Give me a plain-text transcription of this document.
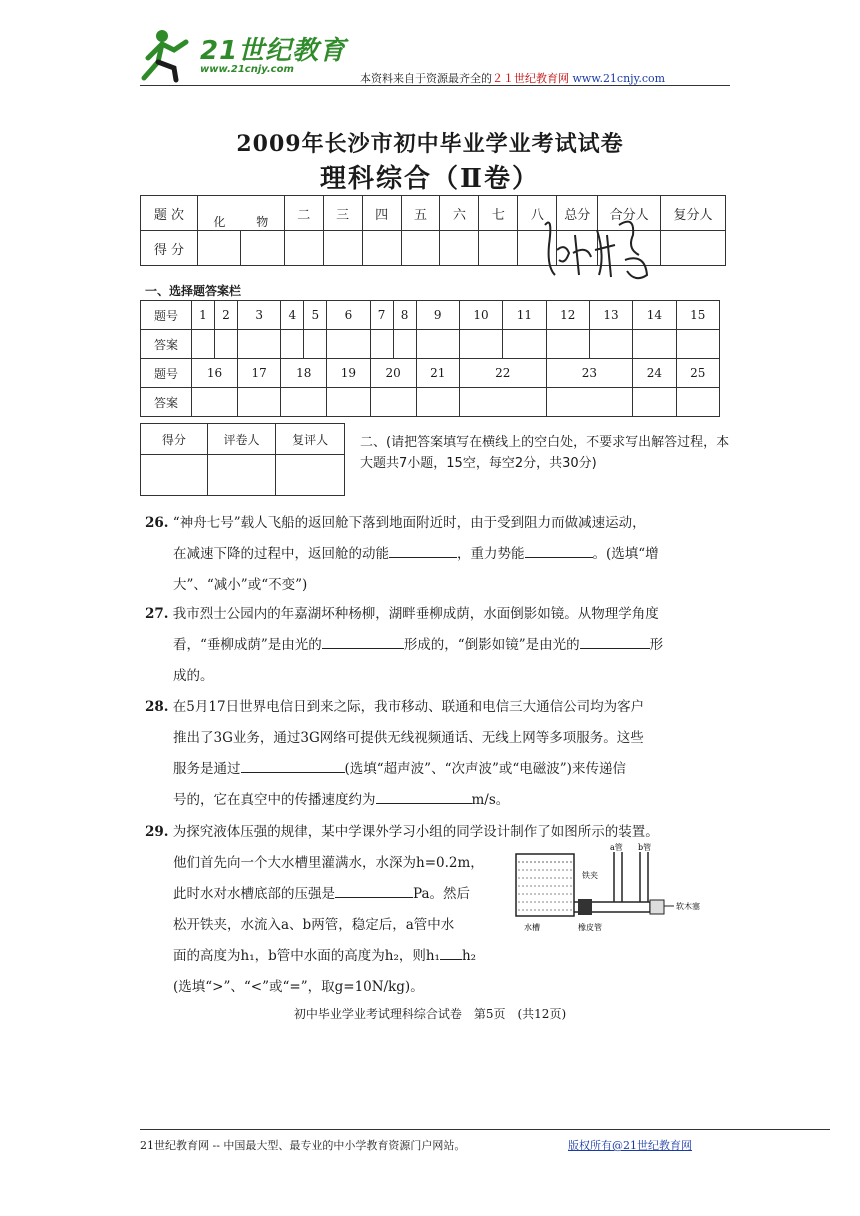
21世纪教育
www.21cnjy.com
本资料来自于资源最齐全的２１世纪教育网 www.21cnjy.com
2009年长沙市初中毕业学业考试试卷
理科综合（Ⅱ卷）
题 次	化 物	二	三	四	五	六	七	八	总分	合分人	复分人
得 分	

一、选择题答案栏
题号	1	2	3	4	5	6	7	8	9	10	11	12	13	14	15
答案															
题号	16		17	18		19	20		21	22		23		24	25
答案															
得分	评卷人	复评人
		二、(请把答案填写在横线上的空白处，不要求写出解答过程，本大题共7小题，15空，每空2分，共30分)
26. “神舟七号”载人飞船的返回舱下落到地面附近时，由于受到阻力而做减速运动，
在减速下降的过程中，返回舱的动能	，重力势能	。(选填“增
大”、“减小”或“不变”)
27. 我市烈士公园内的年嘉湖坏种杨柳，湖畔垂柳成荫，水面倒影如镜。从物理学角度
看，“垂柳成荫”是由光的	形成的，“倒影如镜”是由光的	形
成的。
28. 在5月17日世界电信日到来之际，我市移动、联通和电信三大通信公司均为客户
推出了3G业务，通过3G网络可提供无线视频通话、无线上网等多项服务。这些
服务是通过	(选填“超声波”、“次声波”或“电磁波”)来传递信
号的，它在真空中的传播速度约为	m/s。
29. 为探究液体压强的规律，某中学课外学习小组的同学设计制作了如图所示的装置。
他们首先向一个大水槽里灌满水，水深为h=0.2m，
此时水对水槽底部的压强是	Pa。然后
松开铁夹，水流入a、b两管，稳定后，a管中水
面的高度为h₁，b管中水面的高度为h₂，则h₁ h₂
(选填“>”、“<”或“=”，取g=10N/kg)。
a管 b管
铁夹
软木塞
水槽	橡皮管
初中毕业学业考试理科综合试卷　第5页　(共12页)
21世纪教育网 -- 中国最大型、最专业的中小学教育资源门户网站。	版权所有@21世纪教育网
